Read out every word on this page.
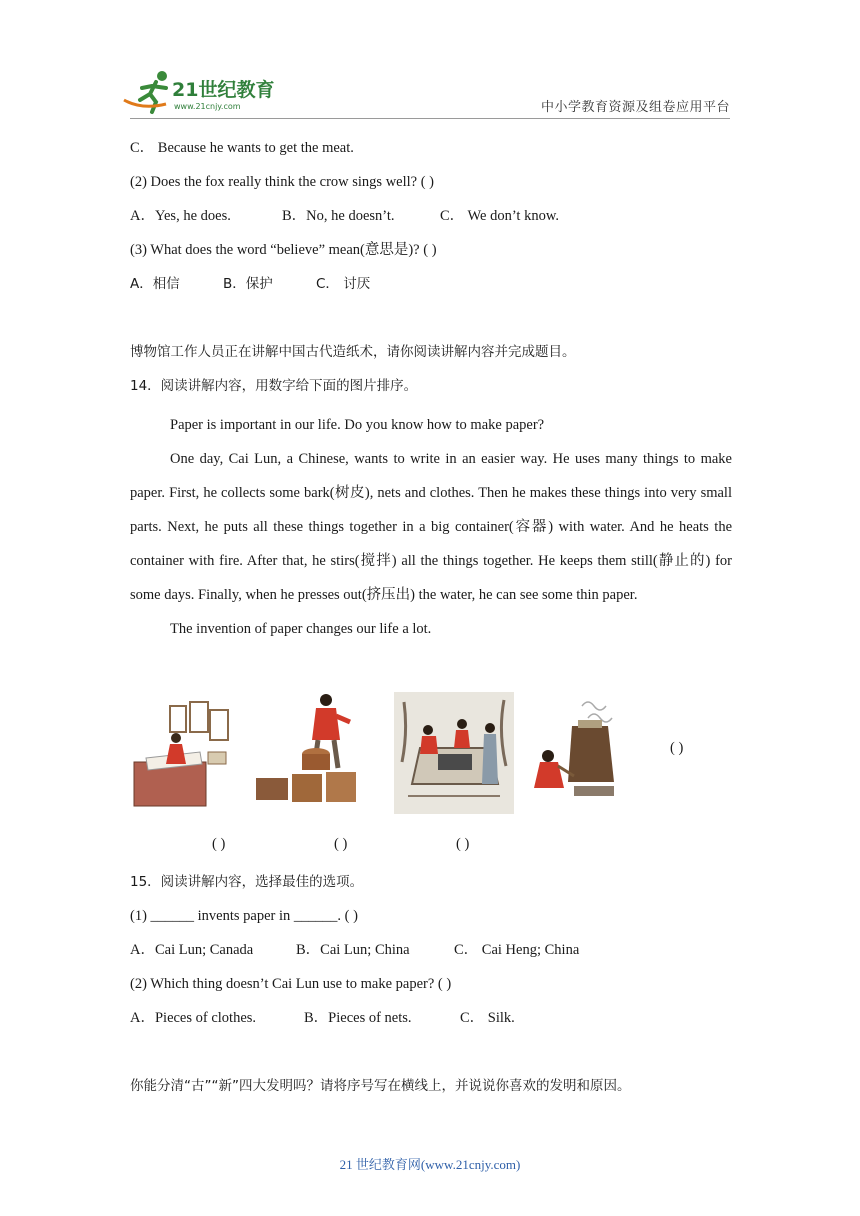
21世纪教育
www.21cnjy.com	中小学教育资源及组卷应用平台
C． Because he wants to get the meat.
(2) Does the fox really think the crow sings well? ( )
A．Yes, he does.	B．No, he doesn’t.	C． We don’t know.
(3) What does the word “believe” mean(意思是)? ( )
A．相信	B．保护	C． 讨厌
博物馆工作人员正在讲解中国古代造纸术，请你阅读讲解内容并完成题目。
14．阅读讲解内容，用数字给下面的图片排序。
Paper is important in our life. Do you know how to make paper?
One day, Cai Lun, a Chinese, wants to write in an easier way. He uses many things to make paper. First, he collects some bark(树皮), nets and clothes. Then he makes these things into very small parts. Next, he puts all these things together in a big container(容器) with water. And he heats the container with fire. After that, he stirs(搅拌) all the things together. He keeps them still(静止的) for some days. Finally, when he presses out(挤压出) the water, he can see some thin paper.
The invention of paper changes our life a lot.
( )
( )	( )	( )
15．阅读讲解内容，选择最佳的选项。
(1) ______ invents paper in ______. ( )
A．Cai Lun; Canada	B．Cai Lun; China	C． Cai Heng; China
(2) Which thing doesn’t Cai Lun use to make paper? ( )
A．Pieces of clothes.	B．Pieces of nets.	C． Silk.
你能分清“古”“新”四大发明吗？请将序号写在横线上，并说说你喜欢的发明和原因。
21 世纪教育网(www.21cnjy.com)
